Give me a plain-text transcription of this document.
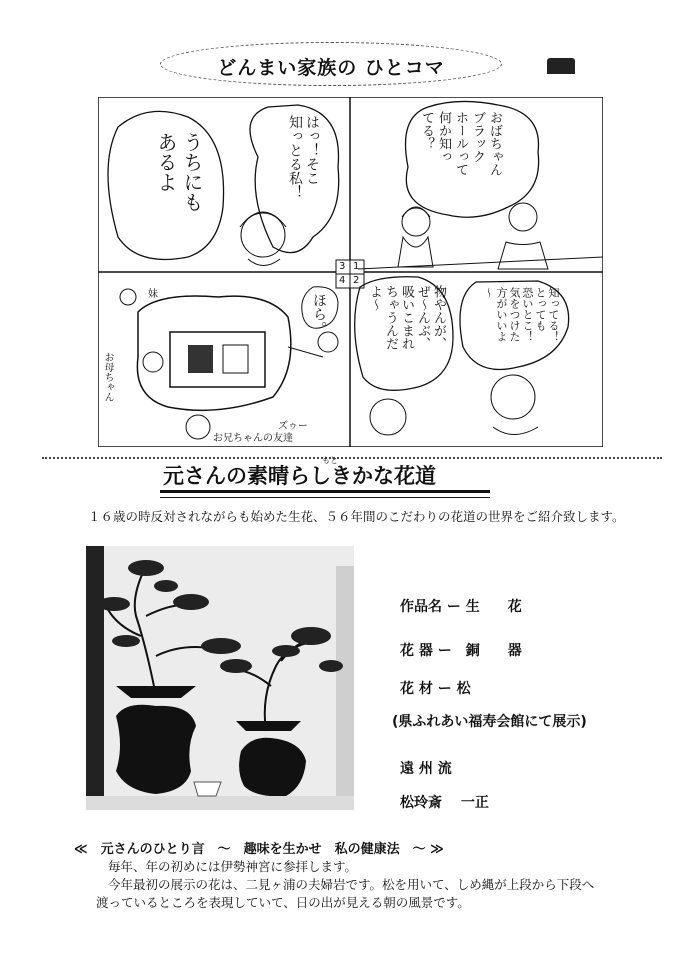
どんまい家族の ひとコマ
3 1
4 2
おばちゃん
ブラック
ホールって
何か知っ
てる？
はっ！そこ
知っとる私！
うちにも
あるよ
知ってる！
とっても
恐いとこ！
気をつけた
方がいいよ
〜
物やんが、
ぜ〜んぶ、
吸いこまれ
ちゃうんだ
よ〜
ほら。
妹
お母ちゃん
お兄ちゃんの友達
ズゥー
もと
元さんの素晴らしきかな花道
１６歳の時反対されながらも始めた生花、５６年間のこだわりの花道の世界をご紹介致します。
作品名 ー 生　　花
花 器 ー　銅　　器
花 材 ー 松
(県ふれあい福寿会館にて展示)
遠 州 流
松玲斎　 一正
≪　元さんのひとり言　～　趣味を生かせ　私の健康法　～ ≫
毎年、年の初めには伊勢神宮に参拝します。
今年最初の展示の花は、二見ヶ浦の夫婦岩です。松を用いて、しめ縄が上段から下段へ
渡っているところを表現していて、日の出が見える朝の風景です。
